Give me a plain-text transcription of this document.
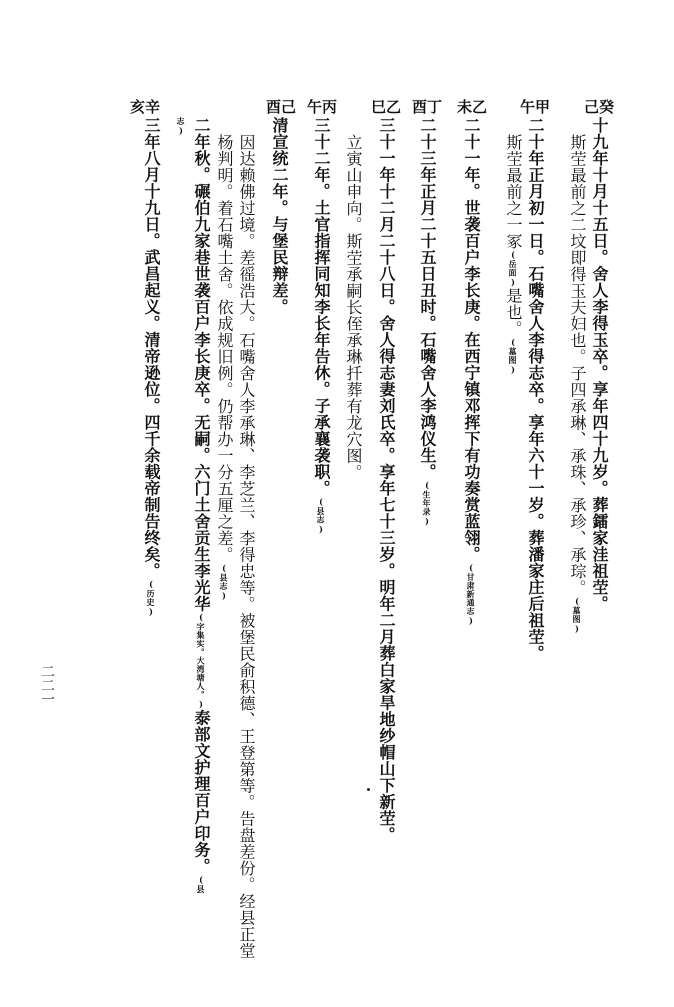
己癸
午甲
未乙
酉丁
巳乙
午丙
酉己
亥辛
十九年十月十五日。舍人李得玉卒。享年四十九岁。葬鐳家洼祖茔。
斯茔最前之二坟即得玉夫妇也。子四承琳、承珠、承珍、承琮。(墓图)
二十年正月初一日。石嘴舍人李得志卒。享年六十一岁。葬潘家庄后祖茔。
斯茔最前之一冢(岳面)是也。(墓图)
二十一年。世袭百户李长庚。在西宁镇邓挥下有功奏赏蓝翎。(甘肃新通志)
二十三年正月二十五日丑时。石嘴舍人李鸿仪生。(生年录)
三十一年十二月二十八日。舍人得志妻刘氏卒。享年七十三岁。明年二月葬白家旱地纱帽山下新茔。
立寅山申向。斯茔承嗣长侄承琳扦葬有龙穴图。
三十二年。土官指挥同知李长年告休。子承襄袭职。(县志)
清宣统二年。与堡民辩差。
因达赖佛过境。差徭浩大。石嘴舍人李承琳、李芝兰、李得忠等。被堡民俞积德、王登第等。告盘差份。经县正堂
杨判明。着石嘴土舍。依成规旧例。仍帮办一分五厘之差。(县志)
二年秋。碾伯九家巷世袭百户李长庚卒。无嗣。六门土舍贡生李光华(字集实。大湾塘人。)泰部文护理百户印务。(县
志)
三年八月十九日。武昌起义。清帝逊位。四千余载帝制告终矣。(历史)
二二一
